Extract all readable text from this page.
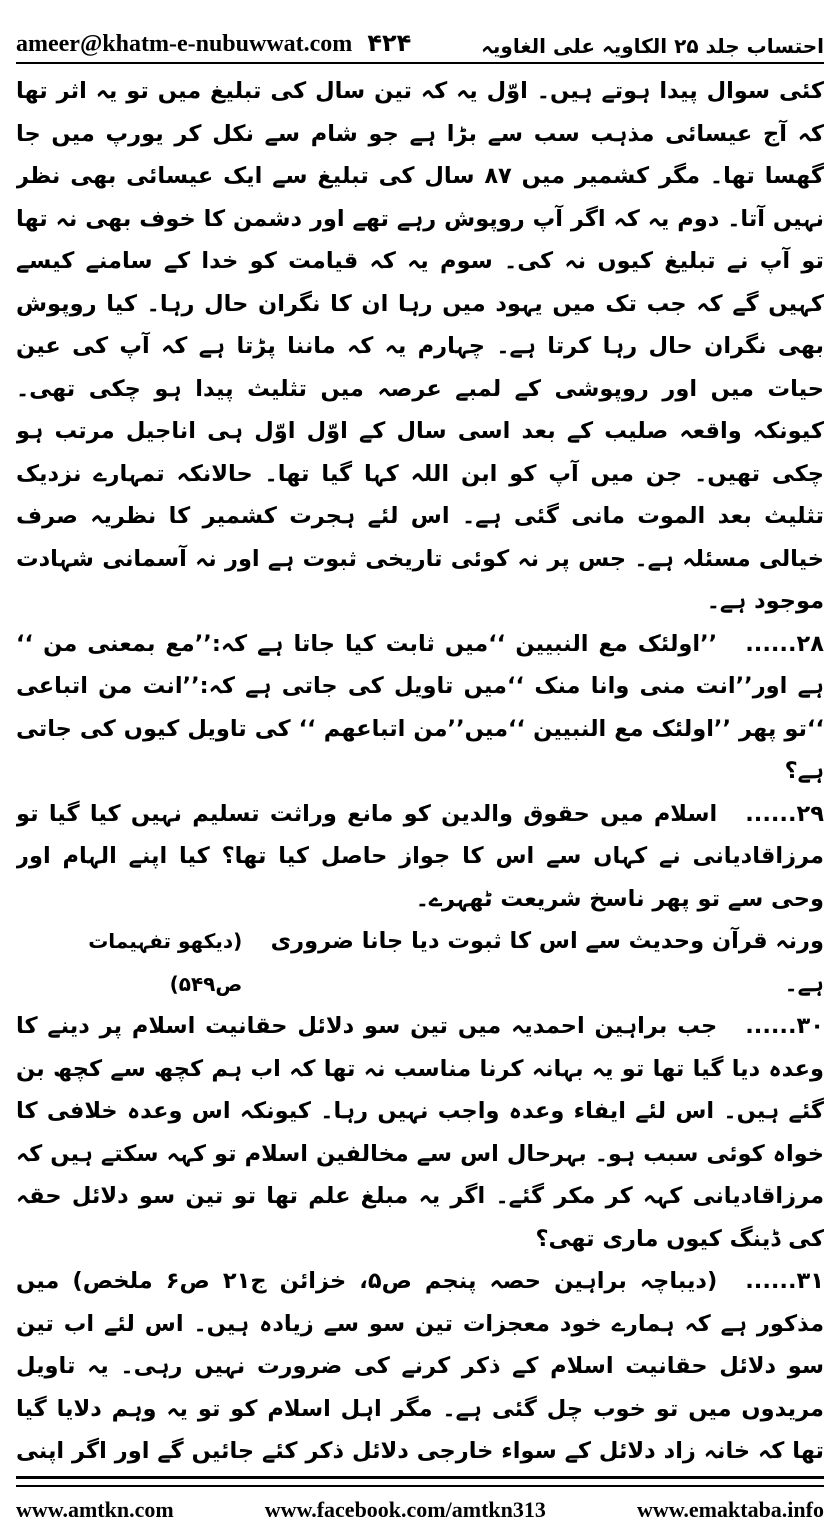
ameer@khatm-e-nubuwwat.com ۴۲۴	احتساب جلد ۲۵ الکاویہ علی الغاویہ

کئی سوال پیدا ہوتے ہیں۔ اوّل یہ کہ تین سال کی تبلیغ میں تو یہ اثر تھا کہ آج عیسائی مذہب سب سے بڑا ہے جو شام سے نکل کر یورپ میں جا گھسا تھا۔ مگر کشمیر میں ۸۷ سال کی تبلیغ سے ایک عیسائی بھی نظر نہیں آتا۔ دوم یہ کہ اگر آپ روپوش رہے تھے اور دشمن کا خوف بھی نہ تھا تو آپ نے تبلیغ کیوں نہ کی۔ سوم یہ کہ قیامت کو خدا کے سامنے کیسے کہیں گے کہ جب تک میں یہود میں رہا ان کا نگران حال رہا۔ کیا روپوش بھی نگران حال رہا کرتا ہے۔ چہارم یہ کہ ماننا پڑتا ہے کہ آپ کی عین حیات میں اور روپوشی کے لمبے عرصہ میں تثلیث پیدا ہو چکی تھی۔ کیونکہ واقعہ صلیب کے بعد اسی سال کے اوّل اوّل ہی اناجیل مرتب ہو چکی تھیں۔ جن میں آپ کو ابن اللہ کہا گیا تھا۔ حالانکہ تمہارے نزدیک تثلیث بعد الموت مانی گئی ہے۔ اس لئے ہجرت کشمیر کا نظریہ صرف خیالی مسئلہ ہے۔ جس پر نہ کوئی تاریخی ثبوت ہے اور نہ آسمانی شہادت موجود ہے۔

۲۸......’’اولئک مع النبیین ‘‘میں ثابت کیا جاتا ہے کہ:’’مع بمعنی من ‘‘ ہے اور’’انت منی وانا منک ‘‘میں تاویل کی جاتی ہے کہ:’’انت من اتباعی ‘‘تو پھر ’’اولئک مع النبیین ‘‘میں’’من اتباعھم ‘‘ کی تاویل کیوں کی جاتی ہے؟

۲۹......اسلام میں حقوق والدین کو مانع وراثت تسلیم نہیں کیا گیا تو مرزاقادیانی نے کہاں سے اس کا جواز حاصل کیا تھا؟ کیا اپنے الہام اور وحی سے تو پھر ناسخ شریعت ٹھہرے۔

ورنہ قرآن وحدیث سے اس کا ثبوت دیا جانا ضروری ہے۔
(دیکھو تفہیمات ص۵۴۹)

۳۰......جب براہین احمدیہ میں تین سو دلائل حقانیت اسلام پر دینے کا وعدہ دیا گیا تھا تو یہ بہانہ کرنا مناسب نہ تھا کہ اب ہم کچھ سے کچھ بن گئے ہیں۔ اس لئے ایفاء وعدہ واجب نہیں رہا۔ کیونکہ اس وعدہ خلافی کا خواہ کوئی سبب ہو۔ بہرحال اس سے مخالفین اسلام تو کہہ سکتے ہیں کہ مرزاقادیانی کہہ کر مکر گئے۔ اگر یہ مبلغ علم تھا تو تین سو دلائل حقہ کی ڈینگ کیوں ماری تھی؟

۳۱......(دیباچہ براہین حصہ پنجم ص۵، خزائن ج۲۱ ص۶ ملخص) میں مذکور ہے کہ ہمارے خود معجزات تین سو سے زیادہ ہیں۔ اس لئے اب تین سو دلائل حقانیت اسلام کے ذکر کرنے کی ضرورت نہیں رہی۔ یہ تاویل مریدوں میں تو خوب چل گئی ہے۔ مگر اہل اسلام کو تو یہ وہم دلایا گیا تھا کہ خانہ زاد دلائل کے سواء خارجی دلائل ذکر کئے جائیں گے اور اگر اپنی

www.amtkn.com	www.facebook.com/amtkn313	www.emaktaba.info
